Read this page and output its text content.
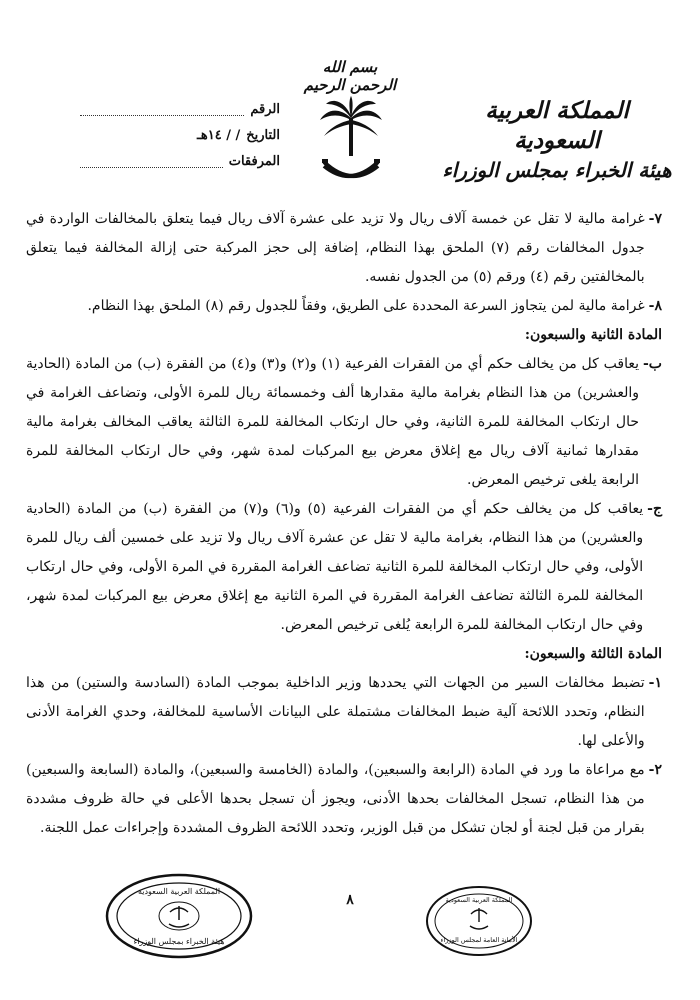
بسم الله الرحمن الرحيم
المملكة العربية السعودية
هيئة الخبراء بمجلس الوزراء
الرقم
التاريخ
/ / ١٤هـ
المرفقات
٧-

غرامة مالية لا تقل عن خمسة آلاف ريال ولا تزيد على عشرة آلاف ريال فيما يتعلق بالمخالفات الواردة في جدول المخالفات رقم (٧) الملحق بهذا النظام، إضافة إلى حجز المركبة حتى إزالة المخالفة فيما يتعلق بالمخالفتين رقم (٤) ورقم (٥) من الجدول نفسه.

٨-

غرامة مالية لمن يتجاوز السرعة المحددة على الطريق، وفقاً للجدول رقم (٨) الملحق بهذا النظام.

المادة الثانية والسبعون:

ب-

يعاقب كل من يخالف حكم أي من الفقرات الفرعية (١) و(٢) و(٣) و(٤) من الفقرة (ب) من المادة (الحادية والعشرين) من هذا النظام بغرامة مالية مقدارها ألف وخمسمائة ريال للمرة الأولى، وتضاعف الغرامة في حال ارتكاب المخالفة للمرة الثانية، وفي حال ارتكاب المخالفة للمرة الثالثة يعاقب المخالف بغرامة مالية مقدارها ثمانية آلاف ريال مع إغلاق معرض بيع المركبات لمدة شهر، وفي حال ارتكاب المخالفة للمرة الرابعة يلغى ترخيص المعرض.

ج-

يعاقب كل من يخالف حكم أي من الفقرات الفرعية (٥) و(٦) و(٧) من الفقرة (ب) من المادة (الحادية والعشرين) من هذا النظام، بغرامة مالية لا تقل عن عشرة آلاف ريال ولا تزيد على خمسين ألف ريال للمرة الأولى، وفي حال ارتكاب المخالفة للمرة الثانية تضاعف الغرامة المقررة في المرة الأولى، وفي حال ارتكاب المخالفة للمرة الثالثة تضاعف الغرامة المقررة في المرة الثانية مع إغلاق معرض بيع المركبات لمدة شهر، وفي حال ارتكاب المخالفة للمرة الرابعة يُلغى ترخيص المعرض.

المادة الثالثة والسبعون:

١-

تضبط مخالفات السير من الجهات التي يحددها وزير الداخلية بموجب المادة (السادسة والستين) من هذا النظام، وتحدد اللائحة آلية ضبط المخالفات مشتملة على البيانات الأساسية للمخالفة، وحدي الغرامة الأدنى والأعلى لها.

٢-

مع مراعاة ما ورد في المادة (الرابعة والسبعين)، والمادة (الخامسة والسبعين)، والمادة (السابعة والسبعين) من هذا النظام، تسجل المخالفات بحدها الأدنى، ويجوز أن تسجل بحدها الأعلى في حالة ظروف مشددة بقرار من قبل لجنة أو لجان تشكل من قبل الوزير، وتحدد اللائحة الظروف المشددة وإجراءات عمل اللجنة.

٨
المملكة العربية السعودية
هيئة الخبراء بمجلس الوزراء
المملكة العربية السعودية
الأمانة العامة لمجلس الوزراء
